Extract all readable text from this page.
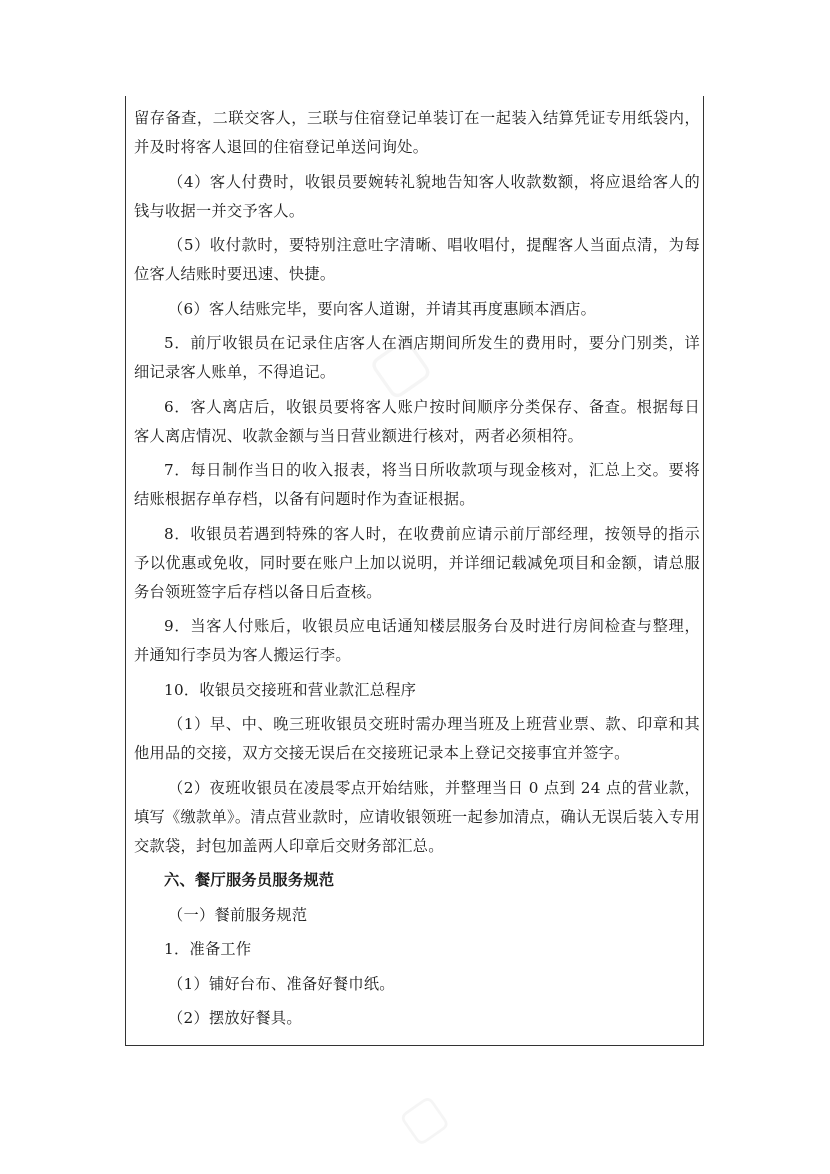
▢
▢

留存备查，二联交客人，三联与住宿登记单装订在一起装入结算凭证专用纸袋内，并及时将客人退回的住宿登记单送问询处。

（4）客人付费时，收银员要婉转礼貌地告知客人收款数额，将应退给客人的钱与收据一并交予客人。

（5）收付款时，要特别注意吐字清晰、唱收唱付，提醒客人当面点清，为每位客人结账时要迅速、快捷。

（6）客人结账完毕，要向客人道谢，并请其再度惠顾本酒店。

5．前厅收银员在记录住店客人在酒店期间所发生的费用时，要分门别类，详细记录客人账单，不得追记。

6．客人离店后，收银员要将客人账户按时间顺序分类保存、备查。根据每日客人离店情况、收款金额与当日营业额进行核对，两者必须相符。

7．每日制作当日的收入报表，将当日所收款项与现金核对，汇总上交。要将结账根据存单存档，以备有问题时作为查证根据。

8．收银员若遇到特殊的客人时，在收费前应请示前厅部经理，按领导的指示予以优惠或免收，同时要在账户上加以说明，并详细记载减免项目和金额，请总服务台领班签字后存档以备日后查核。

9．当客人付账后，收银员应电话通知楼层服务台及时进行房间检查与整理，并通知行李员为客人搬运行李。

10．收银员交接班和营业款汇总程序

（1）早、中、晚三班收银员交班时需办理当班及上班营业票、款、印章和其他用品的交接，双方交接无误后在交接班记录本上登记交接事宜并签字。

（2）夜班收银员在凌晨零点开始结账，并整理当日 0 点到 24 点的营业款，填写《缴款单》。清点营业款时，应请收银领班一起参加清点，确认无误后装入专用交款袋，封包加盖两人印章后交财务部汇总。

六、餐厅服务员服务规范

（一）餐前服务规范

1．准备工作

（1）铺好台布、准备好餐巾纸。

（2）摆放好餐具。
